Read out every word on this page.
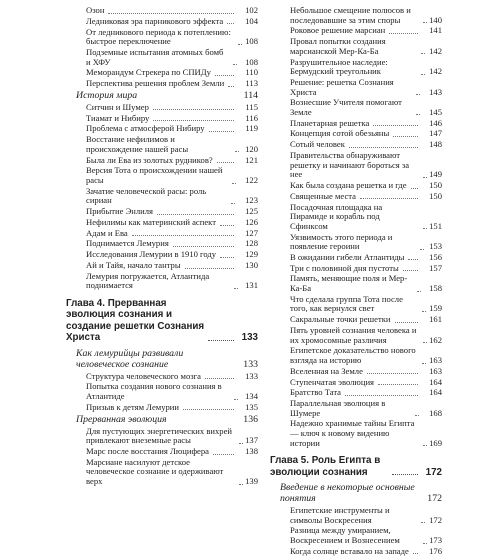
Озон	102
Ледниковая эра парникового эффекта	104
От ледникового периода к потеплению: быстрое переключение	108
Подземные испытания атомных бомб и ХФУ	108
Меморандум Стрекера по СПИДу	110
Перспектива решения проблем Земли	113
История мира	114
Ситчин и Шумер	115
Тиамат и Нибиру	116
Проблема с атмосферой Нибиру	119
Восстание нефилимов и происхождение нашей расы	120
Была ли Ева из золотых рудников?	121
Версия Тота о происхождении нашей расы	122
Зачатие человеческой расы: роль сириан	123
Прибытие Энлиля	125
Нефилимы как материнский аспект	126
Адам и Ева	127
Поднимается Лемурия	128
Исследования Лемурии в 1910 году	129
Ай и Тайя, начало тантры	130
Лемурия погружается, Атлантида поднимается	131
Глава 4. Прерванная эволюция сознания и создание решетки Сознания Христа	133
Как лемурийцы развивали человеческое сознание	133
Структура человеческого мозга	133
Попытка создания нового сознания в Атлантиде	134
Призыв к детям Лемурии	135
Прерванная эволюция	136
Для пустующих энергетических вихрей привлекают внеземные расы	137
Марс после восстания Люцифера	138
Марсиане насилуют детское человеческое сознание и одерживают верх	139
Небольшое смещение полюсов и последовавшие за этим споры	140
Роковое решение марсиан	141
Провал попытки создания марсианской Мер-Ка-Ба	142
Разрушительное наследие: Бермудский треугольник	142
Решение: решетка Сознания Христа	143
Вознесшие Учителя помогают Земле	145
Планетарная решетка	146
Концепция сотой обезьяны	147
Сотый человек	148
Правительства обнаруживают решетку и начинают бороться за нее	149
Как была создана решетка и где	150
Священные места	150
Посадочная площадка на Пирамиде и корабль под Сфинксом	151
Уязвимость этого периода и появление героини	153
В ожидании гибели Атлантиды	156
Три с половиной дня пустоты	157
Память, меняющие поля и Мер-Ка-Ба	158
Что сделала группа Тота после того, как вернулся свет	159
Сакральные точки решетки	161
Пять уровней сознания человека и их хромосомные различия	162
Египетское доказательство нового взгляда на историю	163
Вселенная на Земле	163
Ступенчатая эволюция	164
Братство Тата	164
Параллельная эволюция в Шумере	168
Надежно хранимые тайны Египта — ключ к новому видению истории	169
Глава 5. Роль Египта в эволюции сознания	172
Введение в некоторые основные понятия	172
Египетские инструменты и символы Воскресения	172
Разница между умиранием, Воскресением и Вознесением	173
Когда солнце вставало на западе	176
